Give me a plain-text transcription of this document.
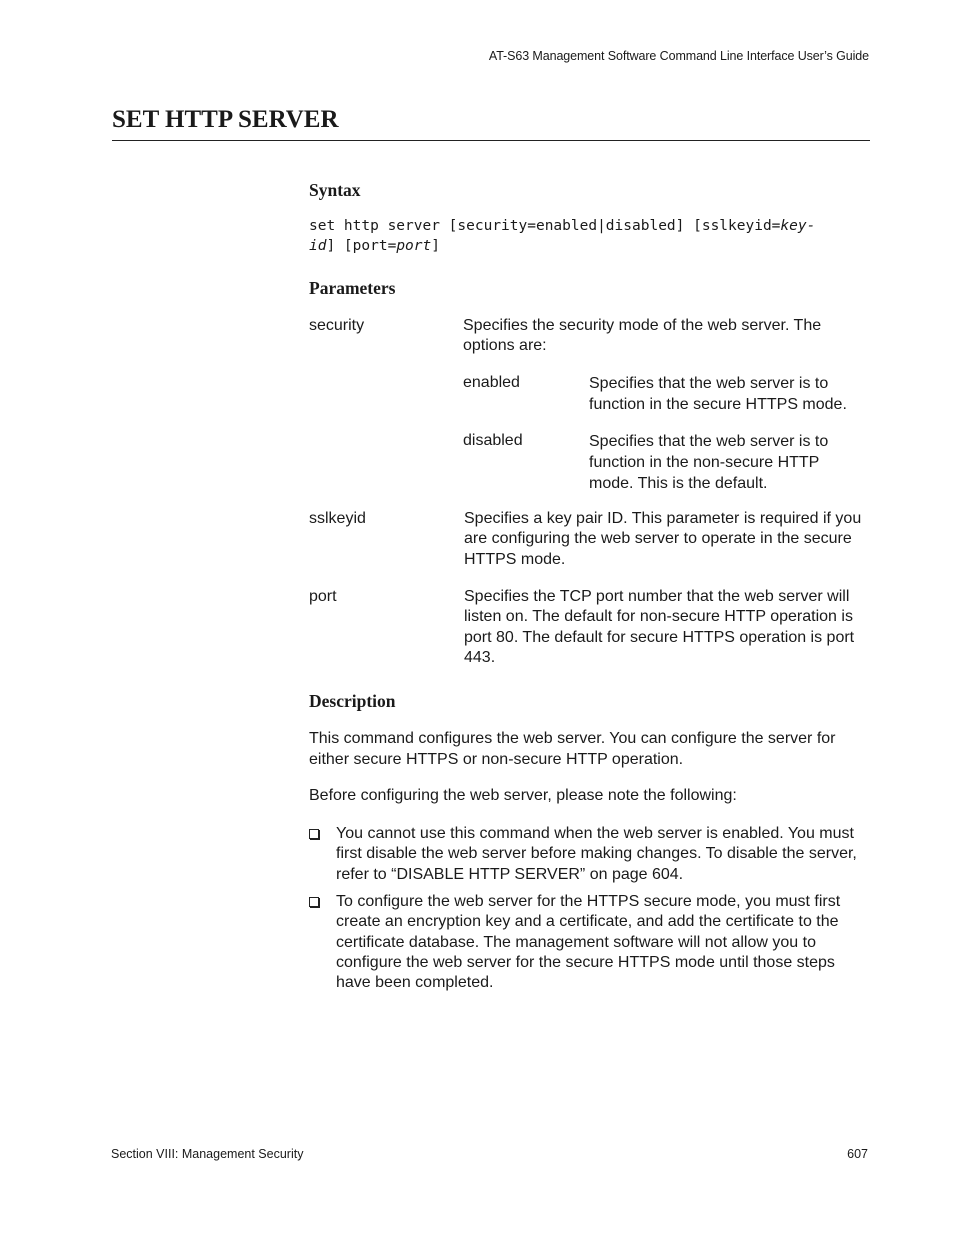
AT-S63 Management Software Command Line Interface User’s Guide
SET HTTP SERVER
Syntax
set http server [security=enabled|disabled] [sslkeyid=key-
id] [port=port]
Parameters
security	Specifies the security mode of the web server. The options are:
enabled	Specifies that the web server is to function in the secure HTTPS mode.
disabled	Specifies that the web server is to function in the non-secure HTTP mode. This is the default.
sslkeyid	Specifies a key pair ID. This parameter is required if you are configuring the web server to operate in the secure HTTPS mode.
port	Specifies the TCP port number that the web server will listen on. The default for non-secure HTTP operation is port 80. The default for secure HTTPS operation is port 443.
Description
This command configures the web server. You can configure the server for either secure HTTPS or non-secure HTTP operation.
Before configuring the web server, please note the following:
You cannot use this command when the web server is enabled. You must first disable the web server before making changes. To disable the server, refer to “DISABLE HTTP SERVER” on page 604.
To configure the web server for the HTTPS secure mode, you must first create an encryption key and a certificate, and add the certificate to the certificate database. The management software will not allow you to configure the web server for the secure HTTPS mode until those steps have been completed.
Section VIII: Management Security	607
